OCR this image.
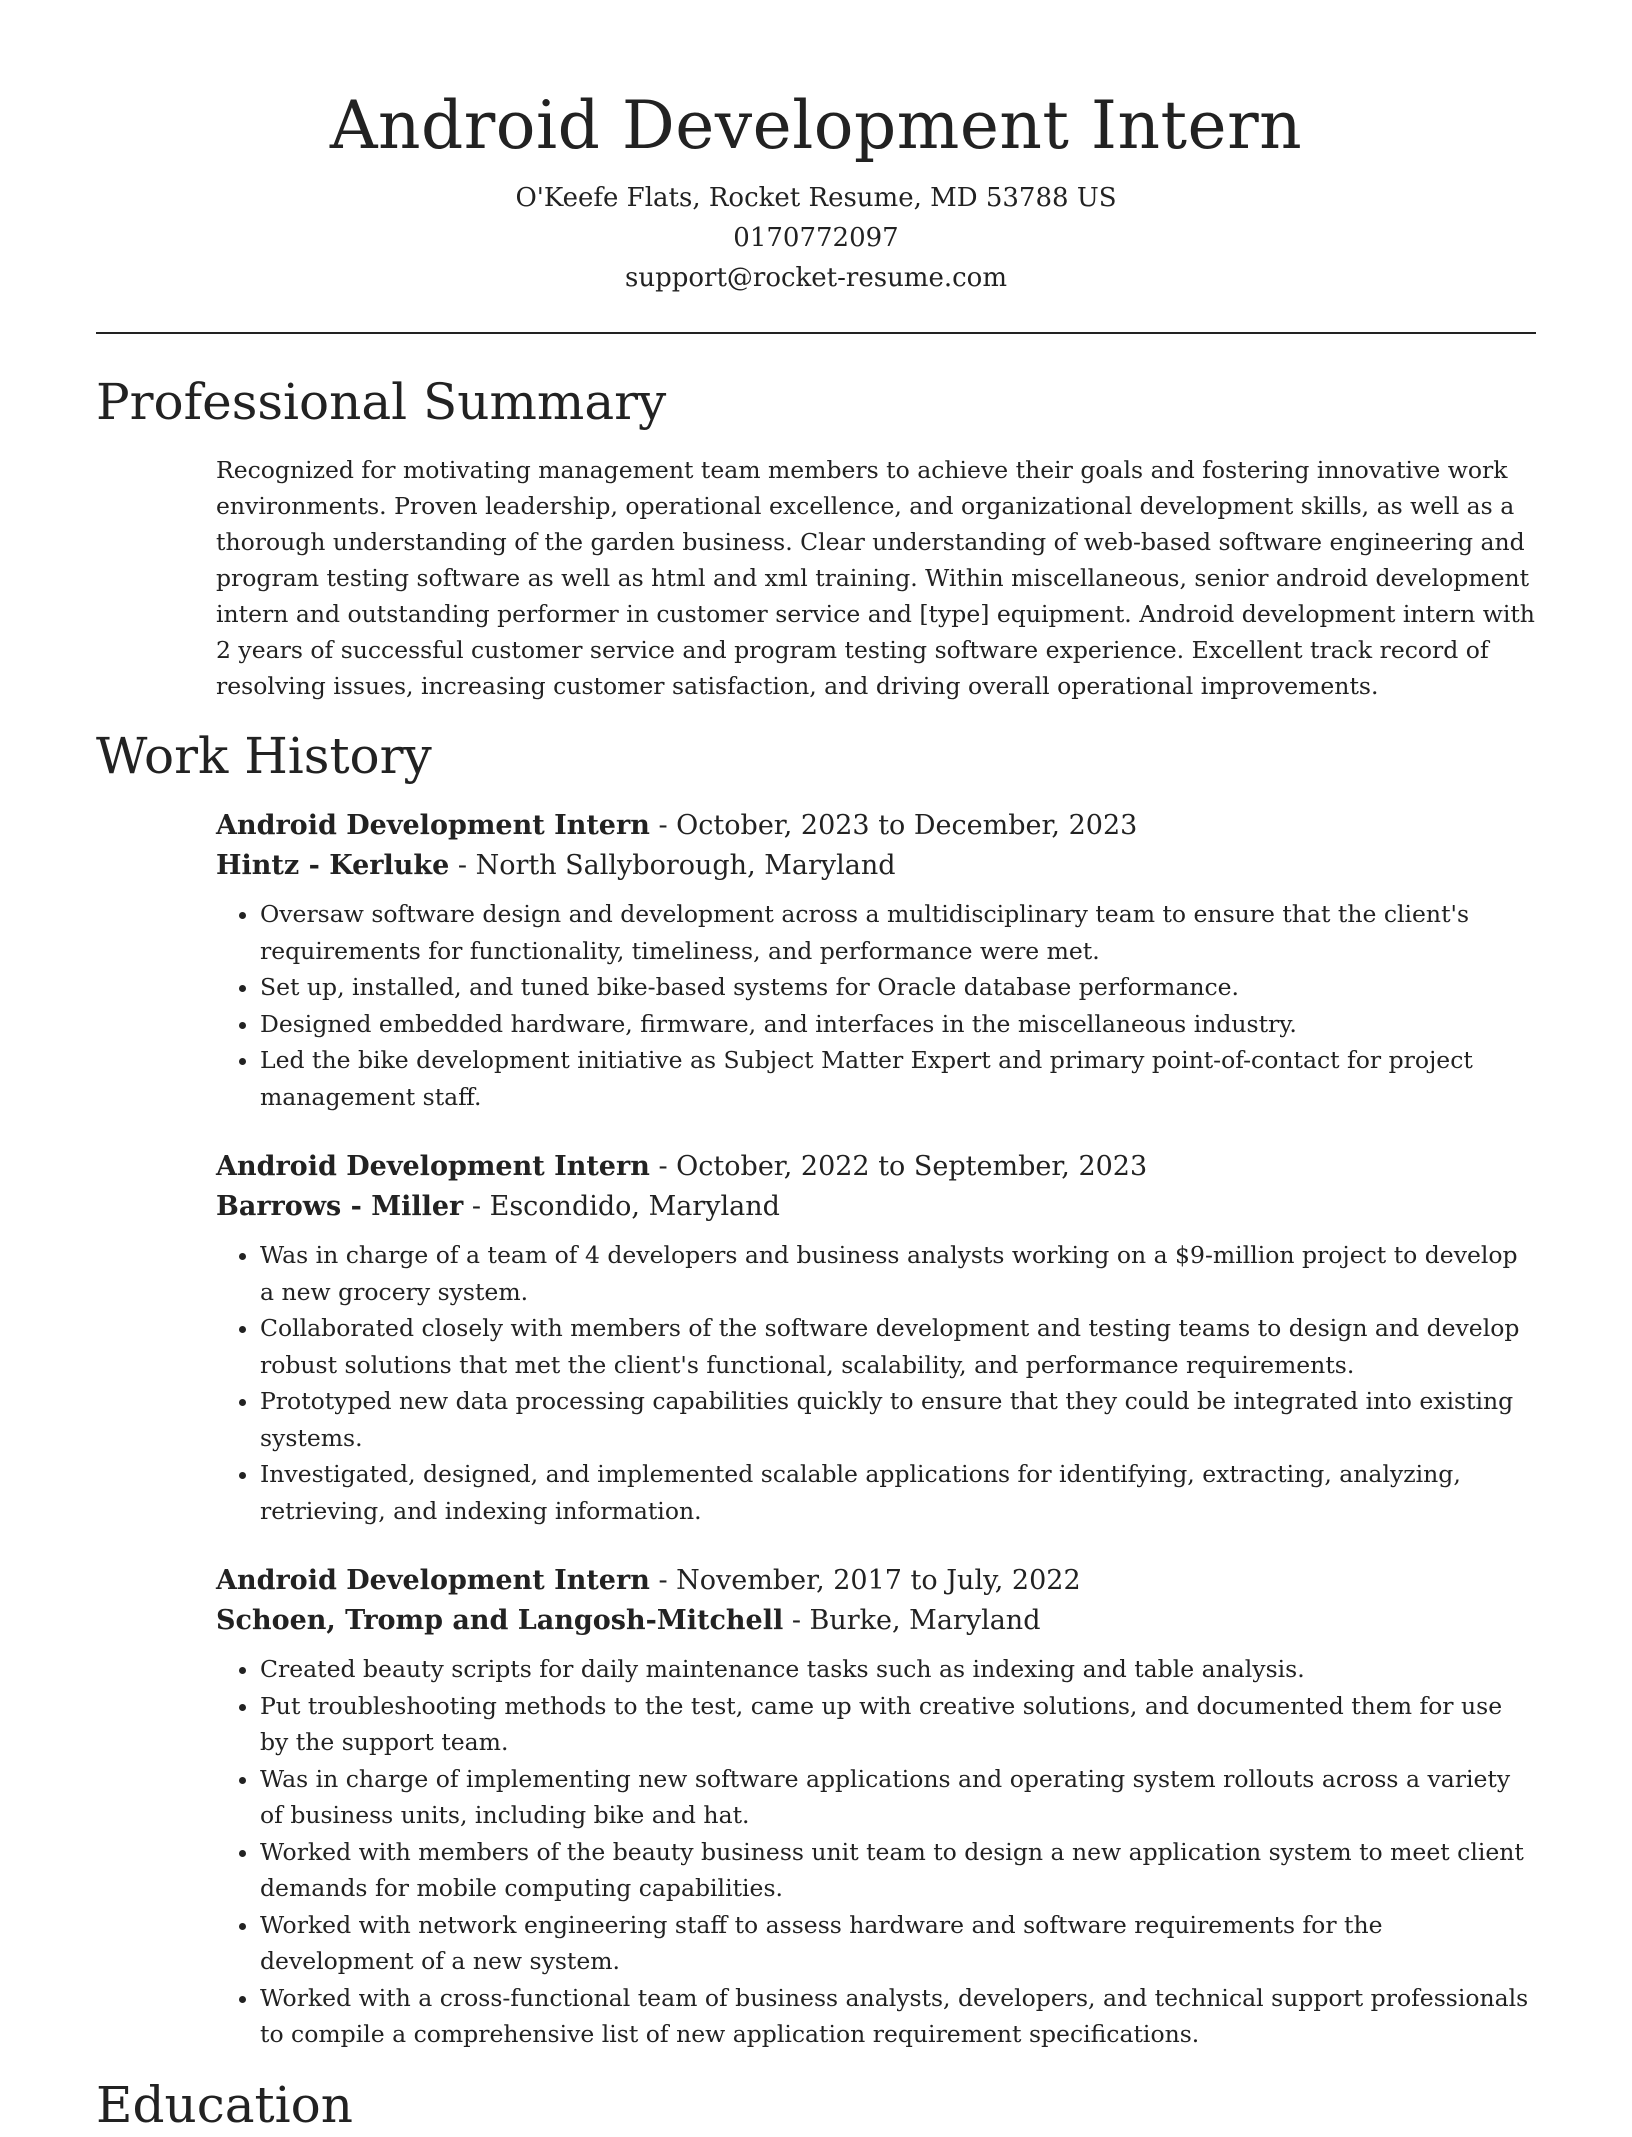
Android Development Intern
O'Keefe Flats, Rocket Resume, MD 53788 US
0170772097
support@rocket-resume.com
Professional Summary

Recognized for motivating management team members to achieve their goals and fostering innovative work environments. Proven leadership, operational excellence, and organizational development skills, as well as a thorough understanding of the garden business. Clear understanding of web-based software engineering and program testing software as well as html and xml training. Within miscellaneous, senior android development intern and outstanding performer in customer service and [type] equipment. Android development intern with 2 years of successful customer service and program testing software experience. Excellent track record of resolving issues, increasing customer satisfaction, and driving overall operational improvements.

Work History
Android Development Intern - October, 2023 to December, 2023
Hintz - Kerluke - North Sallyborough, Maryland
• Oversaw software design and development across a multidisciplinary team to ensure that the client's requirements for functionality, timeliness, and performance were met.
• Set up, installed, and tuned bike-based systems for Oracle database performance.
• Designed embedded hardware, firmware, and interfaces in the miscellaneous industry.
• Led the bike development initiative as Subject Matter Expert and primary point-of-contact for project management staff.
Android Development Intern - October, 2022 to September, 2023
Barrows - Miller - Escondido, Maryland
• Was in charge of a team of 4 developers and business analysts working on a $9-million project to develop a new grocery system.
• Collaborated closely with members of the software development and testing teams to design and develop robust solutions that met the client's functional, scalability, and performance requirements.
• Prototyped new data processing capabilities quickly to ensure that they could be integrated into existing systems.
• Investigated, designed, and implemented scalable applications for identifying, extracting, analyzing, retrieving, and indexing information.
Android Development Intern - November, 2017 to July, 2022
Schoen, Tromp and Langosh-Mitchell - Burke, Maryland
• Created beauty scripts for daily maintenance tasks such as indexing and table analysis.
• Put troubleshooting methods to the test, came up with creative solutions, and documented them for use by the support team.
• Was in charge of implementing new software applications and operating system rollouts across a variety of business units, including bike and hat.
• Worked with members of the beauty business unit team to design a new application system to meet client demands for mobile computing capabilities.
• Worked with network engineering staff to assess hardware and software requirements for the development of a new system.
• Worked with a cross-functional team of business analysts, developers, and technical support professionals to compile a comprehensive list of new application requirement specifications.
Education
